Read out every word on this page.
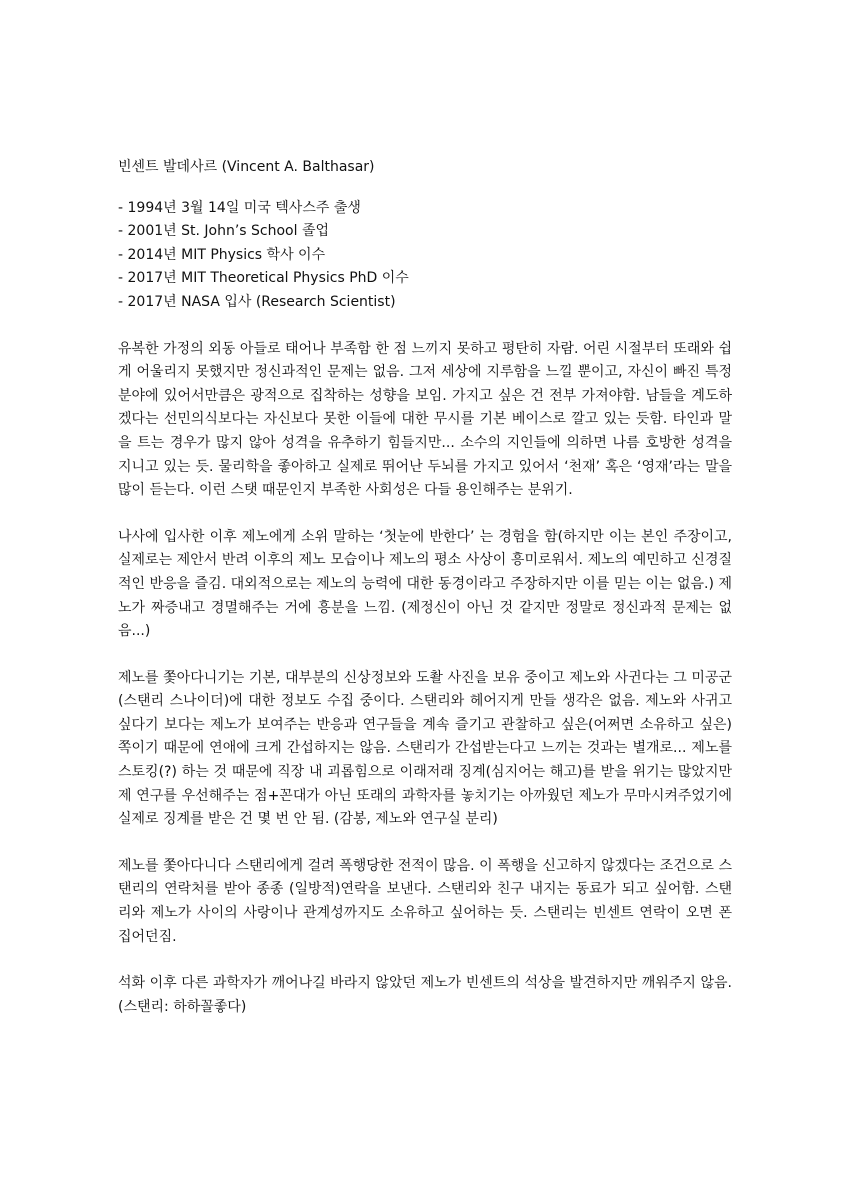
빈센트 발데사르 (Vincent A. Balthasar)
- 1994년 3월 14일 미국 텍사스주 출생
- 2001년 St. John’s School 졸업
- 2014년 MIT Physics 학사 이수
- 2017년 MIT Theoretical Physics PhD 이수
- 2017년 NASA 입사 (Research Scientist)

유복한 가정의 외동 아들로 태어나 부족함 한 점 느끼지 못하고 평탄히 자람. 어린 시절부터 또래와 쉽게 어울리지 못했지만 정신과적인 문제는 없음. 그저 세상에 지루함을 느낄 뿐이고, 자신이 빠진 특정 분야에 있어서만큼은 광적으로 집착하는 성향을 보임. 가지고 싶은 건 전부 가져야함. 남들을 계도하겠다는 선민의식보다는 자신보다 못한 이들에 대한 무시를 기본 베이스로 깔고 있는 듯함. 타인과 말을 트는 경우가 많지 않아 성격을 유추하기 힘들지만... 소수의 지인들에 의하면 나름 호방한 성격을 지니고 있는 듯. 물리학을 좋아하고 실제로 뛰어난 두뇌를 가지고 있어서 ‘천재’ 혹은 ‘영재’라는 말을 많이 듣는다. 이런 스탯 때문인지 부족한 사회성은 다들 용인해주는 분위기.

나사에 입사한 이후 제노에게 소위 말하는 ‘첫눈에 반한다’ 는 경험을 함(하지만 이는 본인 주장이고, 실제로는 제안서 반려 이후의 제노 모습이나 제노의 평소 사상이 흥미로워서. 제노의 예민하고 신경질적인 반응을 즐김. 대외적으로는 제노의 능력에 대한 동경이라고 주장하지만 이를 믿는 이는 없음.) 제노가 짜증내고 경멸해주는 거에 흥분을 느낌. (제정신이 아닌 것 같지만 정말로 정신과적 문제는 없음...)

제노를 쫓아다니기는 기본, 대부분의 신상정보와 도촬 사진을 보유 중이고 제노와 사귄다는 그 미공군(스탠리 스나이더)에 대한 정보도 수집 중이다. 스탠리와 헤어지게 만들 생각은 없음. 제노와 사귀고 싶다기 보다는 제노가 보여주는 반응과 연구들을 계속 즐기고 관찰하고 싶은(어쩌면 소유하고 싶은) 쪽이기 때문에 연애에 크게 간섭하지는 않음. 스탠리가 간섭받는다고 느끼는 것과는 별개로... 제노를 스토킹(?) 하는 것 때문에 직장 내 괴롭힘으로 이래저래 징계(심지어는 해고)를 받을 위기는 많았지만 제 연구를 우선해주는 점+꼰대가 아닌 또래의 과학자를 놓치기는 아까웠던 제노가 무마시켜주었기에 실제로 징계를 받은 건 몇 번 안 됨. (감봉, 제노와 연구실 분리)

제노를 쫓아다니다 스탠리에게 걸려 폭행당한 전적이 많음. 이 폭행을 신고하지 않겠다는 조건으로 스탠리의 연락처를 받아 종종 (일방적)연락을 보낸다. 스탠리와 친구 내지는 동료가 되고 싶어함. 스탠리와 제노가 사이의 사랑이나 관계성까지도 소유하고 싶어하는 듯. 스탠리는 빈센트 연락이 오면 폰 집어던짐.

석화 이후 다른 과학자가 깨어나길 바라지 않았던 제노가 빈센트의 석상을 발견하지만 깨워주지 않음. (스탠리: 하하꼴좋다)
